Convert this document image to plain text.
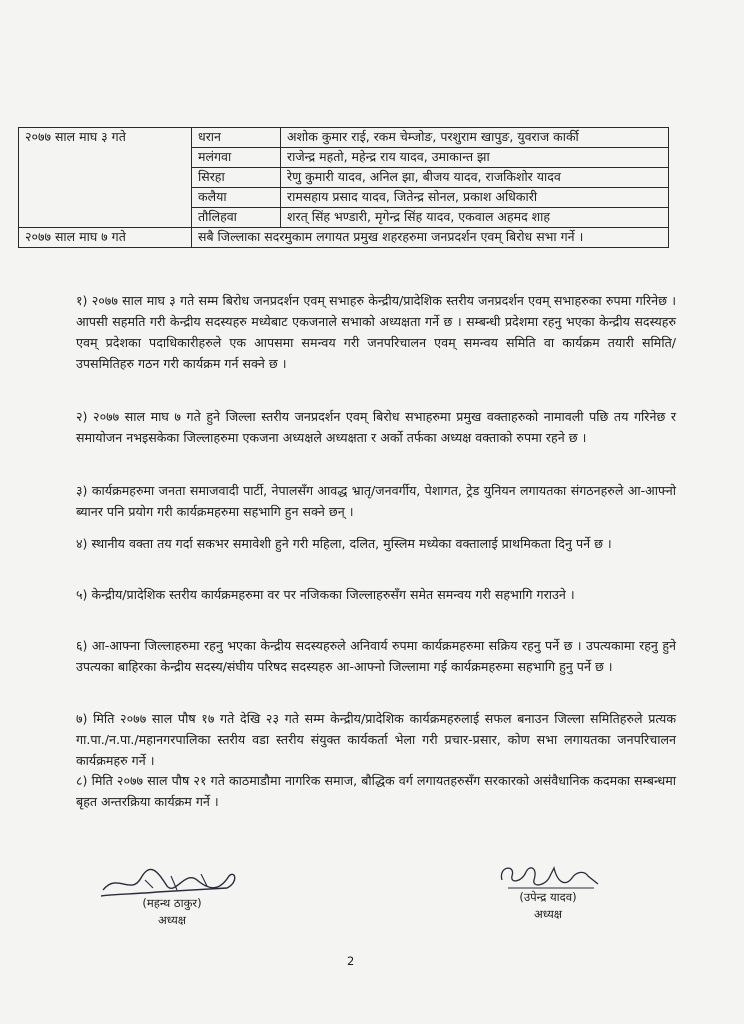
२०७७ साल माघ ३ गते	धरान	अशोक कुमार राई, रकम चेम्जोङ, परशुराम खापुङ, युवराज कार्की
	मलंगवा	राजेन्द्र महतो, महेन्द्र राय यादव, उमाकान्त झा
	सिरहा	रेणु कुमारी यादव, अनिल झा, बीजय यादव, राजकिशोर यादव
	कलैया	रामसहाय प्रसाद यादव, जितेन्द्र सोनल, प्रकाश अधिकारी
	तौलिहवा	शरत् सिंह भण्डारी, मृगेन्द्र सिंह यादव, एकवाल अहमद शाह
२०७७ साल माघ ७ गते	सबै जिल्लाका सदरमुकाम लगायत प्रमुख शहरहरुमा जनप्रदर्शन एवम् बिरोध सभा गर्ने ।	

१) २०७७ साल माघ ३ गते सम्म बिरोध जनप्रदर्शन एवम् सभाहरु केन्द्रीय/प्रादेशिक स्तरीय जनप्रदर्शन एवम् सभाहरुका रुपमा गरिनेछ । आपसी सहमति गरी केन्द्रीय सदस्यहरु मध्येबाट एकजनाले सभाको अध्यक्षता गर्ने छ । सम्बन्धी प्रदेशमा रहनु भएका केन्द्रीय सदस्यहरु एवम् प्रदेशका पदाधिकारीहरुले एक आपसमा समन्वय गरी जनपरिचालन एवम् समन्वय समिति वा कार्यक्रम तयारी समिति/उपसमितिहरु गठन गरी कार्यक्रम गर्न सक्ने छ ।

२) २०७७ साल माघ ७ गते हुने जिल्ला स्तरीय जनप्रदर्शन एवम् बिरोध सभाहरुमा प्रमुख वक्ताहरुको नामावली पछि तय गरिनेछ र समायोजन नभइसकेका जिल्लाहरुमा एकजना अध्यक्षले अध्यक्षता र अर्को तर्फका अध्यक्ष वक्ताको रुपमा रहने छ ।

३) कार्यक्रमहरुमा जनता समाजवादी पार्टी, नेपालसँग आवद्ध भ्रातृ/जनवर्गीय, पेशागत, ट्रेड युनियन लगायतका संगठनहरुले आ-आफ्नो ब्यानर पनि प्रयोग गरी कार्यक्रमहरुमा सहभागि हुन सक्ने छन् ।

४) स्थानीय वक्ता तय गर्दा सकभर समावेशी हुने गरी महिला, दलित, मुस्लिम मध्येका वक्तालाई प्राथमिकता दिनु पर्ने छ ।

५) केन्द्रीय/प्रादेशिक स्तरीय कार्यक्रमहरुमा वर पर नजिकका जिल्लाहरुसँग समेत समन्वय गरी सहभागि गराउने ।

६) आ-आफ्ना जिल्लाहरुमा रहनु भएका केन्द्रीय सदस्यहरुले अनिवार्य रुपमा कार्यक्रमहरुमा सक्रिय रहनु पर्ने छ । उपत्यकामा रहनु हुने उपत्यका बाहिरका केन्द्रीय सदस्य/संघीय परिषद सदस्यहरु आ-आफ्नो जिल्लामा गई कार्यक्रमहरुमा सहभागि हुनु पर्ने छ ।

७) मिति २०७७ साल पौष १७ गते देखि २३ गते सम्म केन्द्रीय/प्रादेशिक कार्यक्रमहरुलाई सफल बनाउन जिल्ला समितिहरुले प्रत्यक गा.पा./न.पा./महानगरपालिका स्तरीय वडा स्तरीय संयुक्त कार्यकर्ता भेला गरी प्रचार-प्रसार, कोण सभा लगायतका जनपरिचालन कार्यक्रमहरु गर्ने ।

८) मिति २०७७ साल पौष २१ गते काठमाडौमा नागरिक समाज, बौद्धिक वर्ग लगायतहरुसँग सरकारको असंवैधानिक कदमका सम्बन्धमा बृहत अन्तरक्रिया कार्यक्रम गर्ने ।

(महन्थ ठाकुर)
अध्यक्ष
(उपेन्द्र यादव)
अध्यक्ष
2
